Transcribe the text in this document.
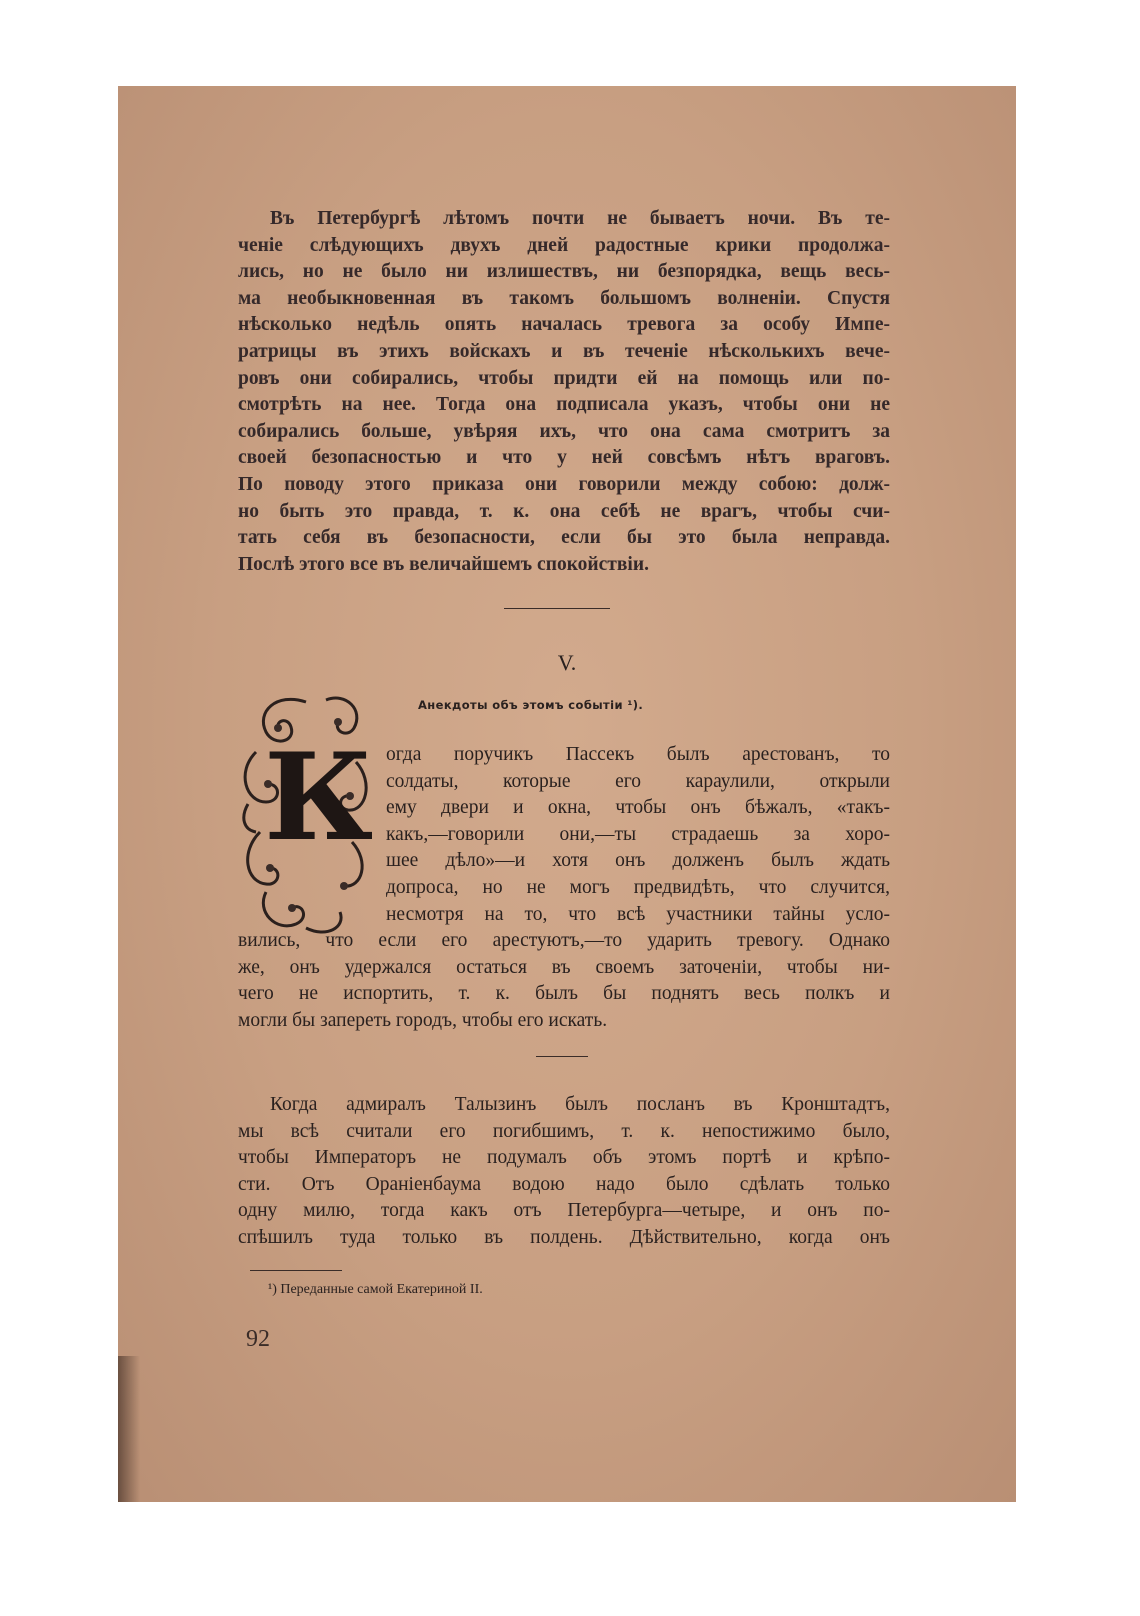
Въ Петербургѣ лѣтомъ почти не бываетъ ночи. Въ те-
ченіе слѣдующихъ двухъ дней радостные крики продолжа-
лись, но не было ни излишествъ, ни безпорядка, вещь весь-
ма необыкновенная въ такомъ большомъ волненіи. Спустя
нѣсколько недѣль опять началась тревога за особу Импе-
ратрицы въ этихъ войскахъ и въ теченіе нѣсколькихъ вече-
ровъ они собирались, чтобы придти ей на помощь или по-
смотрѣть на нее. Тогда она подписала указъ, чтобы они не
собирались больше, увѣряя ихъ, что она сама смотритъ за
своей безопасностью и что у ней совсѣмъ нѣтъ враговъ.
По поводу этого приказа они говорили между собою: долж-
но быть это правда, т. к. она себѣ не врагъ, чтобы счи-
тать себя въ безопасности, если бы это была неправда.
Послѣ этого все въ величайшемъ спокойствіи.
V.
Анекдоты объ этомъ событіи ¹).
К огда поручикъ Пассекъ былъ арестованъ, то
солдаты, которые его караулили, открыли
ему двери и окна, чтобы онъ бѣжалъ, «такъ-
какъ,—говорили они,—ты страдаешь за хоро-
шее дѣло»—и хотя онъ долженъ былъ ждать
допроса, но не могъ предвидѣть, что случится,
несмотря на то, что всѣ участники тайны усло-
вились, что если его арестуютъ,—то ударить тревогу. Однако
же, онъ удержался остаться въ своемъ заточеніи, чтобы ни-
чего не испортить, т. к. былъ бы поднятъ весь полкъ и
могли бы запереть городъ, чтобы его искать.
Когда адмиралъ Талызинъ былъ посланъ въ Кронштадтъ,
мы всѣ считали его погибшимъ, т. к. непостижимо было,
чтобы Императоръ не подумалъ объ этомъ портѣ и крѣпо-
сти. Отъ Ораніенбаума водою надо было сдѣлать только
одну милю, тогда какъ отъ Петербурга—четыре, и онъ по-
спѣшилъ туда только въ полдень. Дѣйствительно, когда онъ
¹) Переданные самой Екатериной II.
92
